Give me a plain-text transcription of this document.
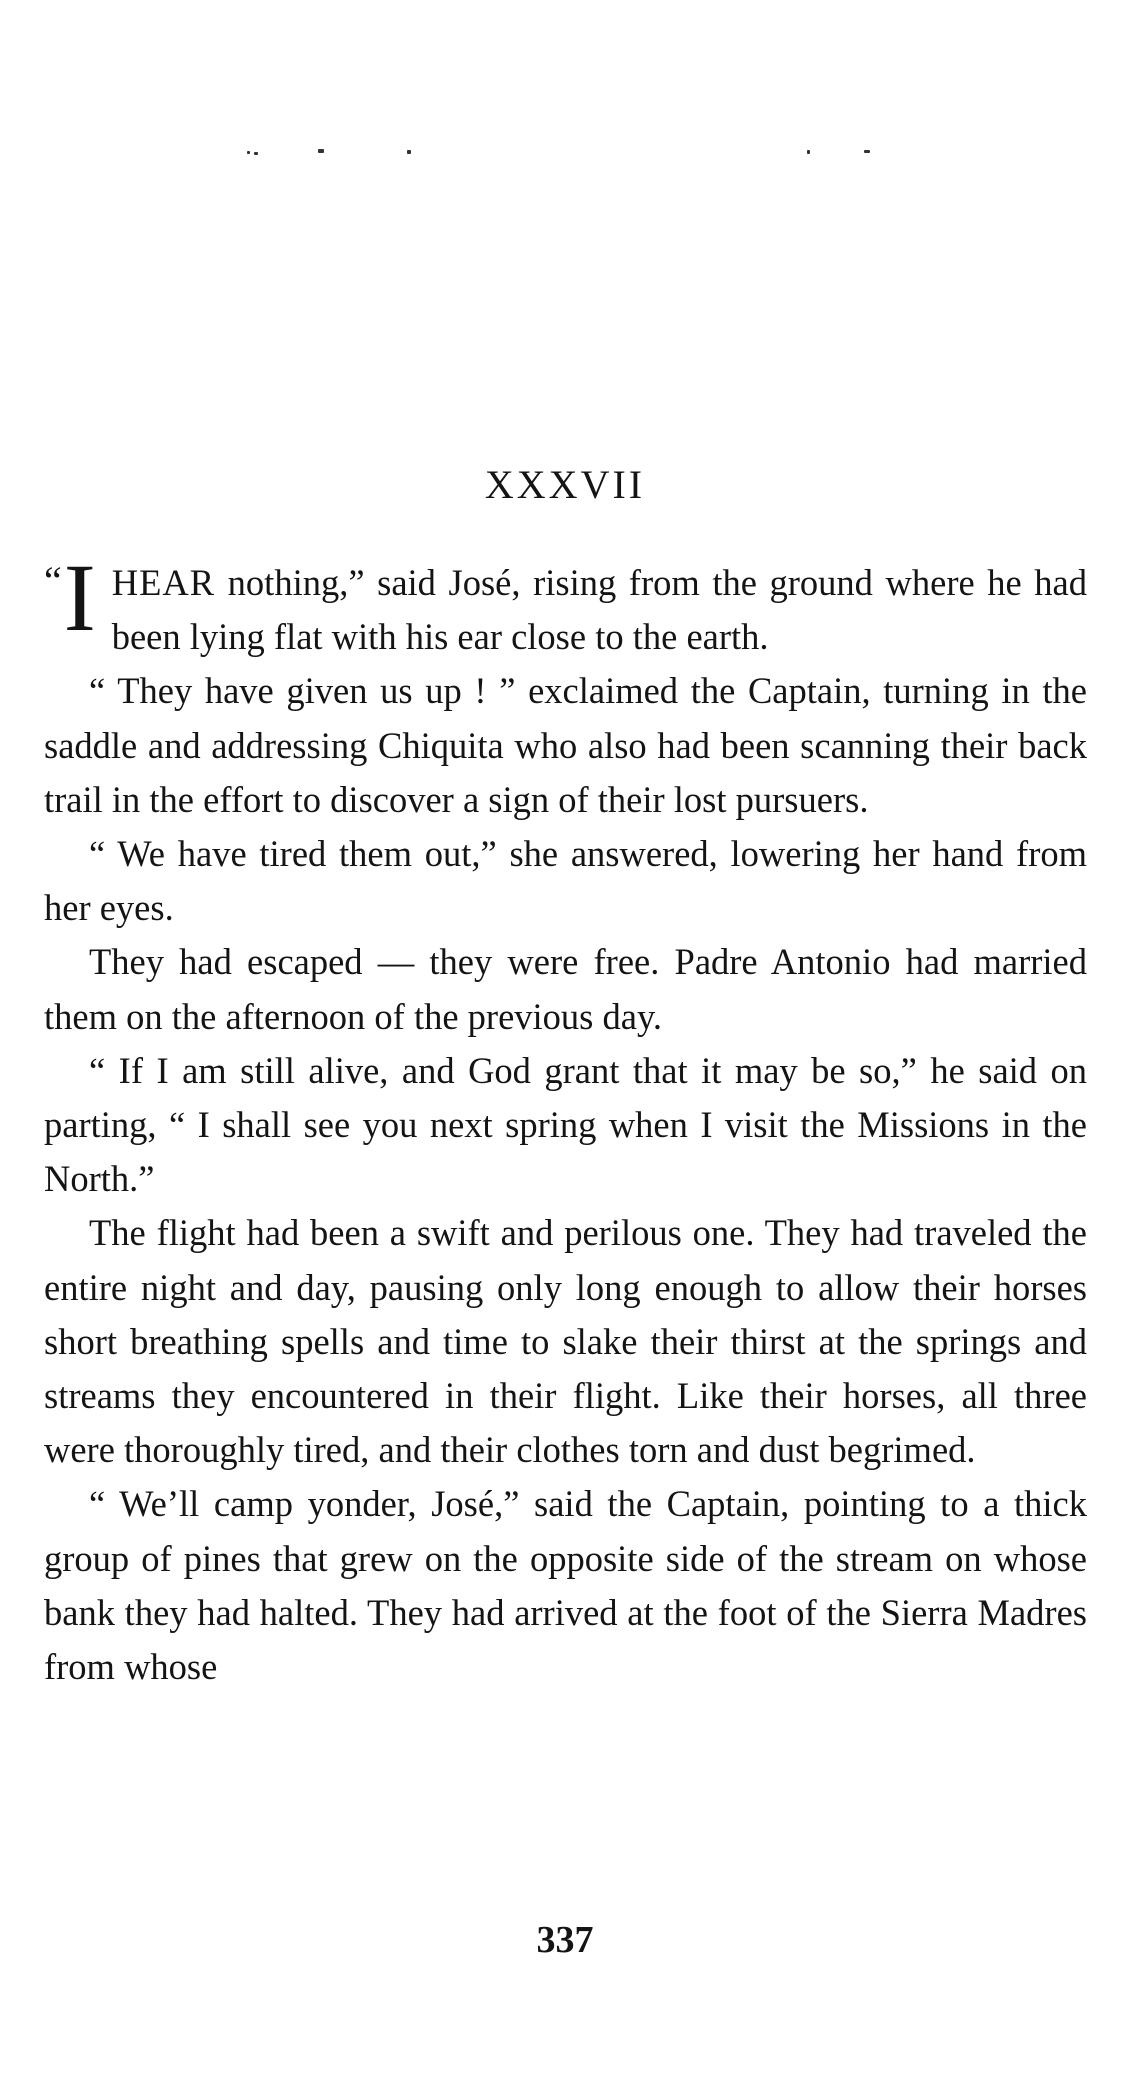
XXXVII

“ I HEAR nothing,” said José, rising from the ground where he had been lying flat with his ear close to the earth.

“ They have given us up ! ” exclaimed the Captain, turning in the saddle and addressing Chiquita who also had been scanning their back trail in the effort to discover a sign of their lost pursuers.

“ We have tired them out,” she answered, lowering her hand from her eyes.

They had escaped — they were free. Padre Antonio had married them on the afternoon of the previous day.

“ If I am still alive, and God grant that it may be so,” he said on parting, “ I shall see you next spring when I visit the Missions in the North.”

The flight had been a swift and perilous one. They had traveled the entire night and day, pausing only long enough to allow their horses short breathing spells and time to slake their thirst at the springs and streams they encountered in their flight. Like their horses, all three were thoroughly tired, and their clothes torn and dust begrimed.

“ We’ll camp yonder, José,” said the Captain, pointing to a thick group of pines that grew on the opposite side of the stream on whose bank they had halted. They had arrived at the foot of the Sierra Madres from whose

337
